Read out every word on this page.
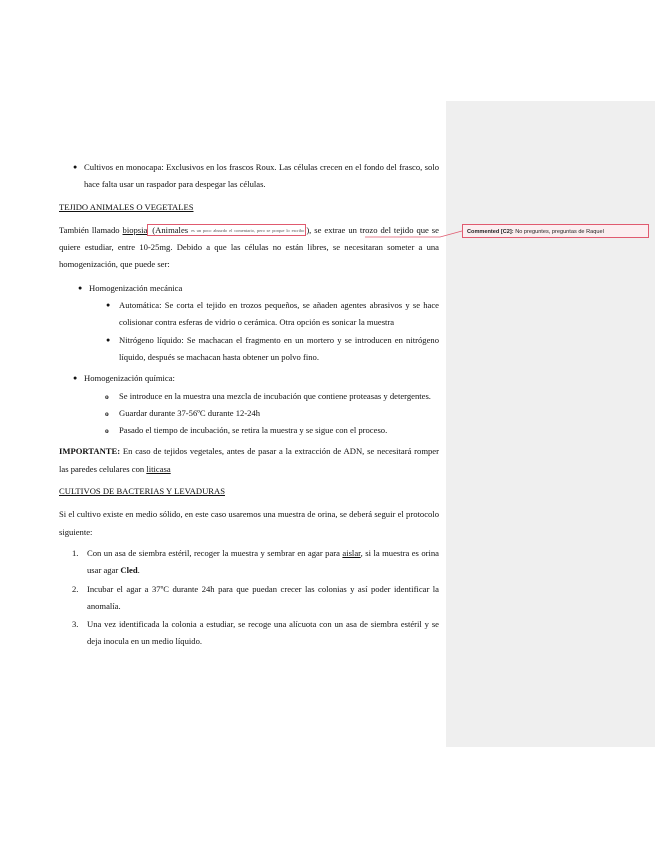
Commented [C2]: No preguntes, preguntas de Raquel
● Cultivos en monocapa: Exclusivos en los frascos Roux. Las células crecen en el fondo del frasco, solo hace falta usar un raspador para despegar las células.

TEJIDO ANIMALES O VEGETALES

También llamado biopsia (Animales es un poco absurdo el comentario, pero se porque lo escribo ), se extrae un trozo del tejido que se quiere estudiar, entre 10-25mg. Debido a que las células no están libres, se necesitaran someter a una homogenización, que puede ser:

● Homogenización mecánica
● Automática: Se corta el tejido en trozos pequeños, se añaden agentes abrasivos y se hace colisionar contra esferas de vidrio o cerámica. Otra opción es sonicar la muestra
● Nitrógeno líquido: Se machacan el fragmento en un mortero y se introducen en nitrógeno líquido, después se machacan hasta obtener un polvo fino.
● Homogenización química:
o Se introduce en la muestra una mezcla de incubación que contiene proteasas y detergentes.
o Guardar durante 37-56ºC durante 12-24h
o Pasado el tiempo de incubación, se retira la muestra y se sigue con el proceso.

IMPORTANTE: En caso de tejidos vegetales, antes de pasar a la extracción de ADN, se necesitará romper las paredes celulares con liticasa

CULTIVOS DE BACTERIAS Y LEVADURAS

Si el cultivo existe en medio sólido, en este caso usaremos una muestra de orina, se deberá seguir el protocolo siguiente:

1. Con un asa de siembra estéril, recoger la muestra y sembrar en agar para aislar, si la muestra es orina usar agar Cled.
2. Incubar el agar a 37ºC durante 24h para que puedan crecer las colonias y así poder identificar la anomalía.
3. Una vez identificada la colonia a estudiar, se recoge una alícuota con un asa de siembra estéril y se deja inocula en un medio líquido.
